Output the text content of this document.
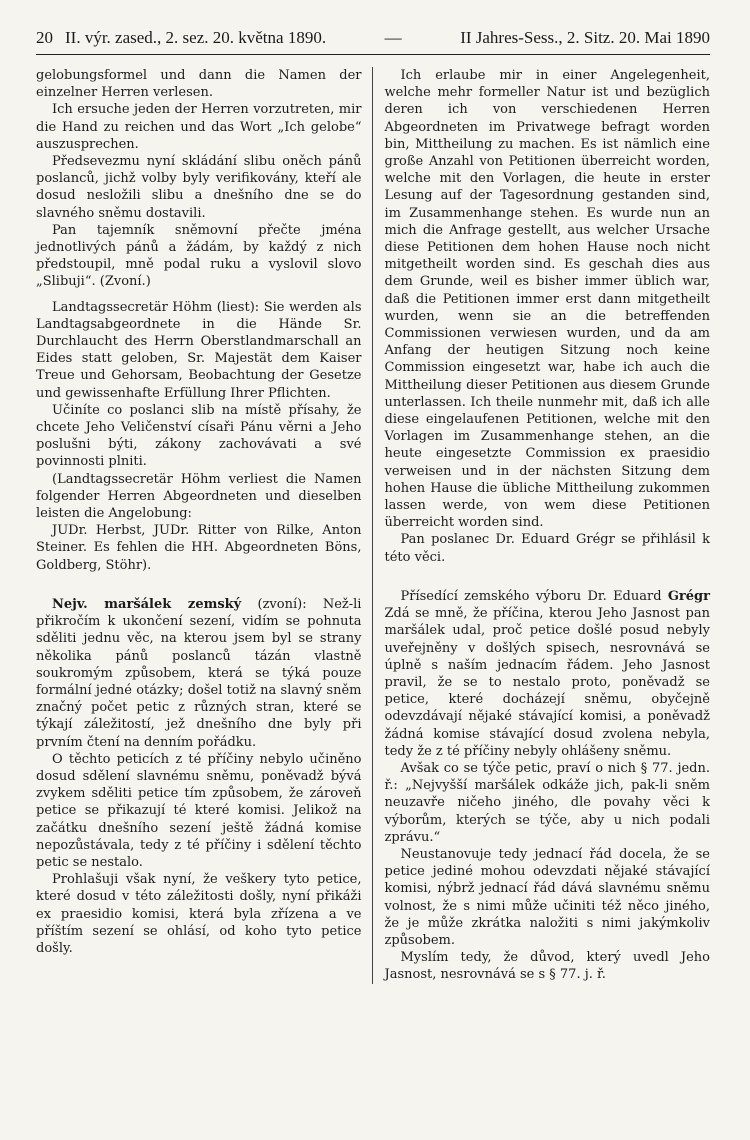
20 II. výr. zased., 2. sez. 20. května 1890.	—	II Jahres-Sess., 2. Sitz. 20. Mai 1890

gelobungsformel und dann die Namen der einzelner Herren verlesen.

Ich ersuche jeden der Herren vorzutreten, mir die Hand zu reichen und das Wort „Ich gelobe“ auszusprechen.

Předsevezmu nyní skládání slibu oněch pánů poslanců, jichž volby byly verifikovány, kteří ale dosud nesložili slibu a dnešního dne se do slavného sněmu dostavili.

Pan tajemník sněmovní přečte jména jednotlivých pánů a žádám, by každý z nich předstoupil, mně podal ruku a vyslovil slovo „Slibuji“. (Zvoní.)

Landtagssecretär Höhm (liest): Sie werden als Landtagsabgeordnete in die Hände Sr. Durchlaucht des Herrn Oberstlandmarschall an Eides statt geloben, Sr. Majestät dem Kaiser Treue und Gehorsam, Beobachtung der Gesetze und gewissenhafte Erfüllung Ihrer Pflichten.

Učiníte co poslanci slib na místě přísahy, že chcete Jeho Veličenství císaři Pánu věrni a Jeho poslušni býti, zákony zachovávati a své povinnosti plniti.

(Landtagssecretär Höhm verliest die Namen folgender Herren Abgeordneten und dieselben leisten die Angelobung:

JUDr. Herbst, JUDr. Ritter von Rilke, Anton Steiner. Es fehlen die HH. Abgeordneten Böns, Goldberg, Stöhr).

Nejv. maršálek zemský (zvoní): Než-li přikročím k ukončení sezení, vidím se pohnuta sděliti jednu věc, na kterou jsem byl se strany několika pánů poslanců tázán vlastně soukromým způsobem, která se týká pouze formální jedné otázky; došel totiž na slavný sněm značný počet petic z různých stran, které se týkají záležitostí, jež dnešního dne byly při prvním čtení na denním pořádku.

O těchto peticích z té příčiny nebylo učiněno dosud sdělení slavnému sněmu, poněvadž bývá zvykem sděliti petice tím způsobem, že zároveň petice se přikazují té které komisi. Jelikož na začátku dnešního sezení ještě žádná komise nepozůstávala, tedy z té příčiny i sdělení těchto petic se nestalo.

Prohlašuji však nyní, že veškery tyto petice, které dosud v této záležitosti došly, nyní přikáži ex praesidio komisi, která byla zřízena a ve příštím sezení se ohlásí, od koho tyto petice došly.

Ich erlaube mir in einer Angelegenheit, welche mehr formeller Natur ist und bezüglich deren ich von verschiedenen Herren Abgeordneten im Privatwege befragt worden bin, Mittheilung zu machen. Es ist nämlich eine große Anzahl von Petitionen überreicht worden, welche mit den Vorlagen, die heute in erster Lesung auf der Tagesordnung gestanden sind, im Zusammenhange stehen. Es wurde nun an mich die Anfrage gestellt, aus welcher Ursache diese Petitionen dem hohen Hause noch nicht mitgetheilt worden sind. Es geschah dies aus dem Grunde, weil es bisher immer üblich war, daß die Petitionen immer erst dann mitgetheilt wurden, wenn sie an die betreffenden Commissionen verwiesen wurden, und da am Anfang der heutigen Sitzung noch keine Commission eingesetzt war, habe ich auch die Mittheilung dieser Petitionen aus diesem Grunde unterlassen. Ich theile nunmehr mit, daß ich alle diese eingelaufenen Petitionen, welche mit den Vorlagen im Zusammenhange stehen, an die heute eingesetzte Commission ex praesidio verweisen und in der nächsten Sitzung dem hohen Hause die übliche Mittheilung zukommen lassen werde, von wem diese Petitionen überreicht worden sind.

Pan poslanec Dr. Eduard Grégr se přihlásil k této věci.

Přísedící zemského výboru Dr. Eduard Grégr Zdá se mně, že příčina, kterou Jeho Jasnost pan maršálek udal, proč petice došlé posud nebyly uveřejněny v došlých spisech, nesrovnává se úplně s naším jednacím řádem. Jeho Jasnost pravil, že se to nestalo proto, poněvadž se petice, které docházejí sněmu, obyčejně odevzdávají nějaké stávající komisi, a poněvadž žádná komise stávající dosud zvolena nebyla, tedy že z té příčiny nebyly ohlášeny sněmu.

Avšak co se týče petic, praví o nich § 77. jedn. ř.: „Nejvyšší maršálek odkáže jich, pak-li sněm neuzavře ničeho jiného, dle povahy věci k výborům, kterých se týče, aby u nich podali zprávu.“

Neustanovuje tedy jednací řád docela, že se petice jediné mohou odevzdati nějaké stávající komisi, nýbrž jednací řád dává slavnému sněmu volnost, že s nimi může učiniti též něco jiného, že je může zkrátka naložiti s nimi jakýmkoliv způsobem.

Myslím tedy, že důvod, který uvedl Jeho Jasnost, nesrovnává se s § 77. j. ř.
